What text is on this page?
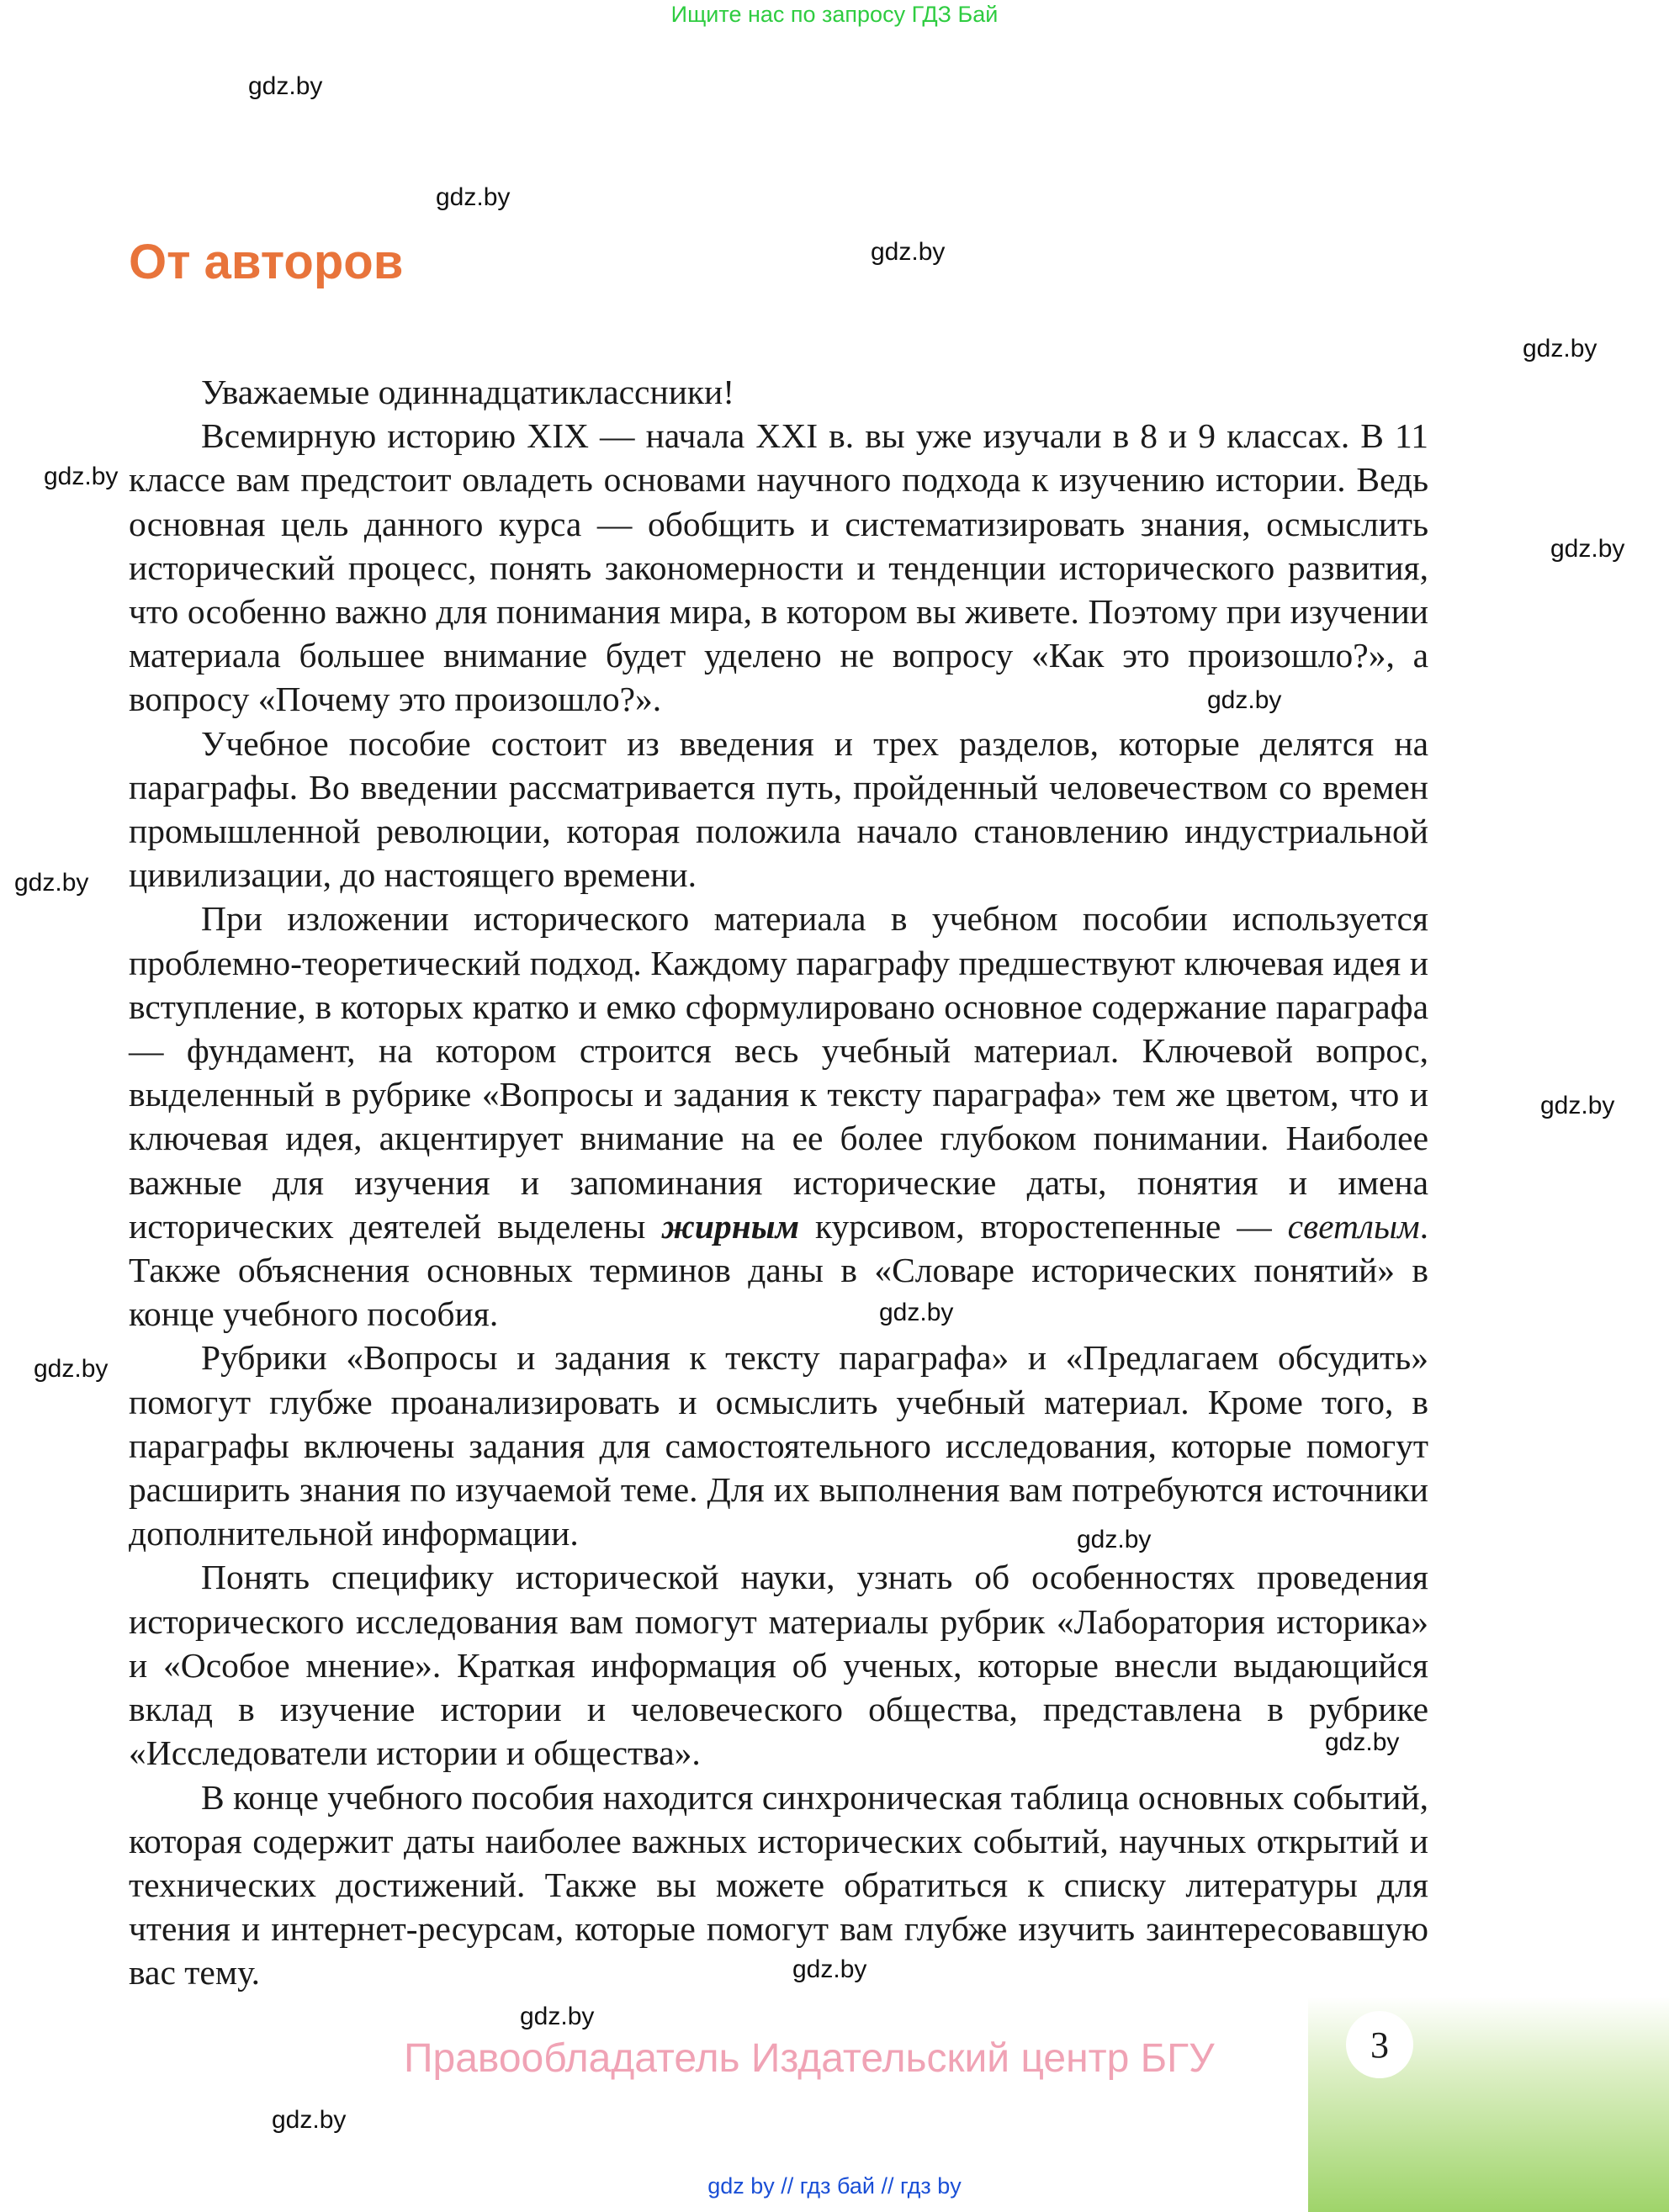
Ищите нас по запросу ГДЗ Бай
gdz.by
gdz.by
gdz.by
gdz.by
gdz.by
gdz.by
gdz.by
gdz.by
gdz.by
gdz.by
gdz.by
gdz.by
gdz.by
gdz.by
gdz.by
gdz.by
От авторов

Уважаемые одиннадцатиклассники!

Всемирную историю XIX — начала XXI в. вы уже изучали в 8 и 9 классах. В 11 классе вам предстоит овладеть основами научного подхода к изучению истории. Ведь основная цель данного курса — обобщить и систематизировать знания, осмыслить исторический процесс, понять закономерности и тенденции исторического развития, что особенно важно для понимания мира, в котором вы живете. Поэтому при изучении материала большее внимание будет уделено не вопросу «Как это произошло?», а вопросу «Почему это произошло?».

Учебное пособие состоит из введения и трех разделов, которые делятся на параграфы. Во введении рассматривается путь, пройденный человечеством со времен промышленной революции, которая положила начало становлению индустриальной цивилизации, до настоящего времени.

При изложении исторического материала в учебном пособии используется проблемно-теоретический подход. Каждому параграфу предшествуют ключевая идея и вступление, в которых кратко и емко сформулировано основное содержание параграфа — фундамент, на котором строится весь учебный материал. Ключевой вопрос, выделенный в рубрике «Вопросы и задания к тексту параграфа» тем же цветом, что и ключевая идея, акцентирует внимание на ее более глубоком понимании. Наиболее важные для изучения и запоминания исторические даты, понятия и имена исторических деятелей выделены жирным курсивом, второстепенные — светлым. Также объяснения основных терминов даны в «Словаре исторических понятий» в конце учебного пособия.

Рубрики «Вопросы и задания к тексту параграфа» и «Предлагаем обсудить» помогут глубже проанализировать и осмыслить учебный материал. Кроме того, в параграфы включены задания для самостоятельного исследования, которые помогут расширить знания по изучаемой теме. Для их выполнения вам потребуются источники дополнительной информации.

Понять специфику исторической науки, узнать об особенностях проведения исторического исследования вам помогут материалы рубрик «Лаборатория историка» и «Особое мнение». Краткая информация об ученых, которые внесли выдающийся вклад в изучение истории и человеческого общества, представлена в рубрике «Исследователи истории и общества».

В конце учебного пособия находится синхроническая таблица основных событий, которая содержит даты наиболее важных исторических событий, научных открытий и технических достижений. Также вы можете обратиться к списку литературы для чтения и интернет-ресурсам, которые помогут вам глубже изучить заинтересовавшую вас тему.

3
Правообладатель Издательский центр БГУ
gdz by // гдз бай // гдз by
